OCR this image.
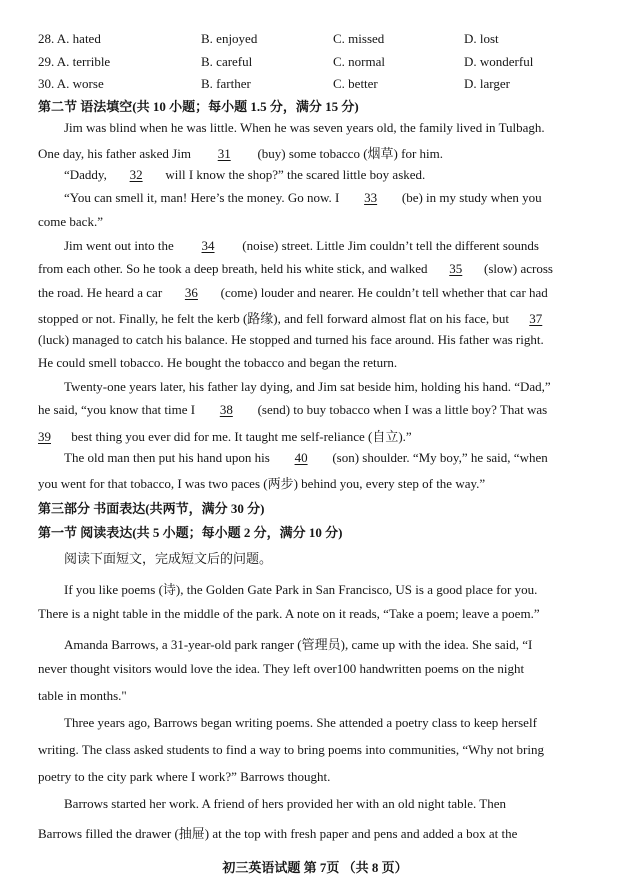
28. A. hated	B. enjoyed	C. missed	D. lost
29. A. terrible	B. careful	C. normal	D. wonderful
30. A. worse	B. farther	C. better	D. larger
第二节 语法填空(共 10 小题；每小题 1.5 分，满分 15 分)
Jim was blind when he was little. When he was seven years old, the family lived in Tulbagh.
One day, his father asked Jim 31 (buy) some tobacco (烟草) for him.
“Daddy, 32 will I know the shop?” the scared little boy asked.
“You can smell it, man! Here’s the money. Go now. I 33 (be) in my study when you
come back.”
Jim went out into the 34 (noise) street. Little Jim couldn’t tell the different sounds
from each other. So he took a deep breath, held his white stick, and walked 35 (slow) across
the road. He heard a car 36 (come) louder and nearer. He couldn’t tell whether that car had
stopped or not. Finally, he felt the kerb (路缘), and fell forward almost flat on his face, but 37
(luck) managed to catch his balance. He stopped and turned his face around. His father was right.
He could smell tobacco. He bought the tobacco and began the return.
Twenty-one years later, his father lay dying, and Jim sat beside him, holding his hand. “Dad,”
he said, “you know that time I 38 (send) to buy tobacco when I was a little boy? That was
39 best thing you ever did for me. It taught me self-reliance (自立).”
The old man then put his hand upon his 40 (son) shoulder. “My boy,” he said, “when
you went for that tobacco, I was two paces (两步) behind you, every step of the way.”
第三部分 书面表达(共两节，满分 30 分)
第一节 阅读表达(共 5 小题；每小题 2 分，满分 10 分)
阅读下面短文，完成短文后的问题。
If you like poems (诗), the Golden Gate Park in San Francisco, US is a good place for you.
There is a night table in the middle of the park. A note on it reads, “Take a poem; leave a poem.”
Amanda Barrows, a 31-year-old park ranger (管理员), came up with the idea. She said, “I
never thought visitors would love the idea. They left over100 handwritten poems on the night
table in months."
Three years ago, Barrows began writing poems. She attended a poetry class to keep herself
writing. The class asked students to find a way to bring poems into communities, “Why not bring
poetry to the city park where I work?” Barrows thought.
Barrows started her work. A friend of hers provided her with an old night table. Then
Barrows filled the drawer (抽屉) at the top with fresh paper and pens and added a box at the
初三英语试题 第 7页 （共 8 页）
